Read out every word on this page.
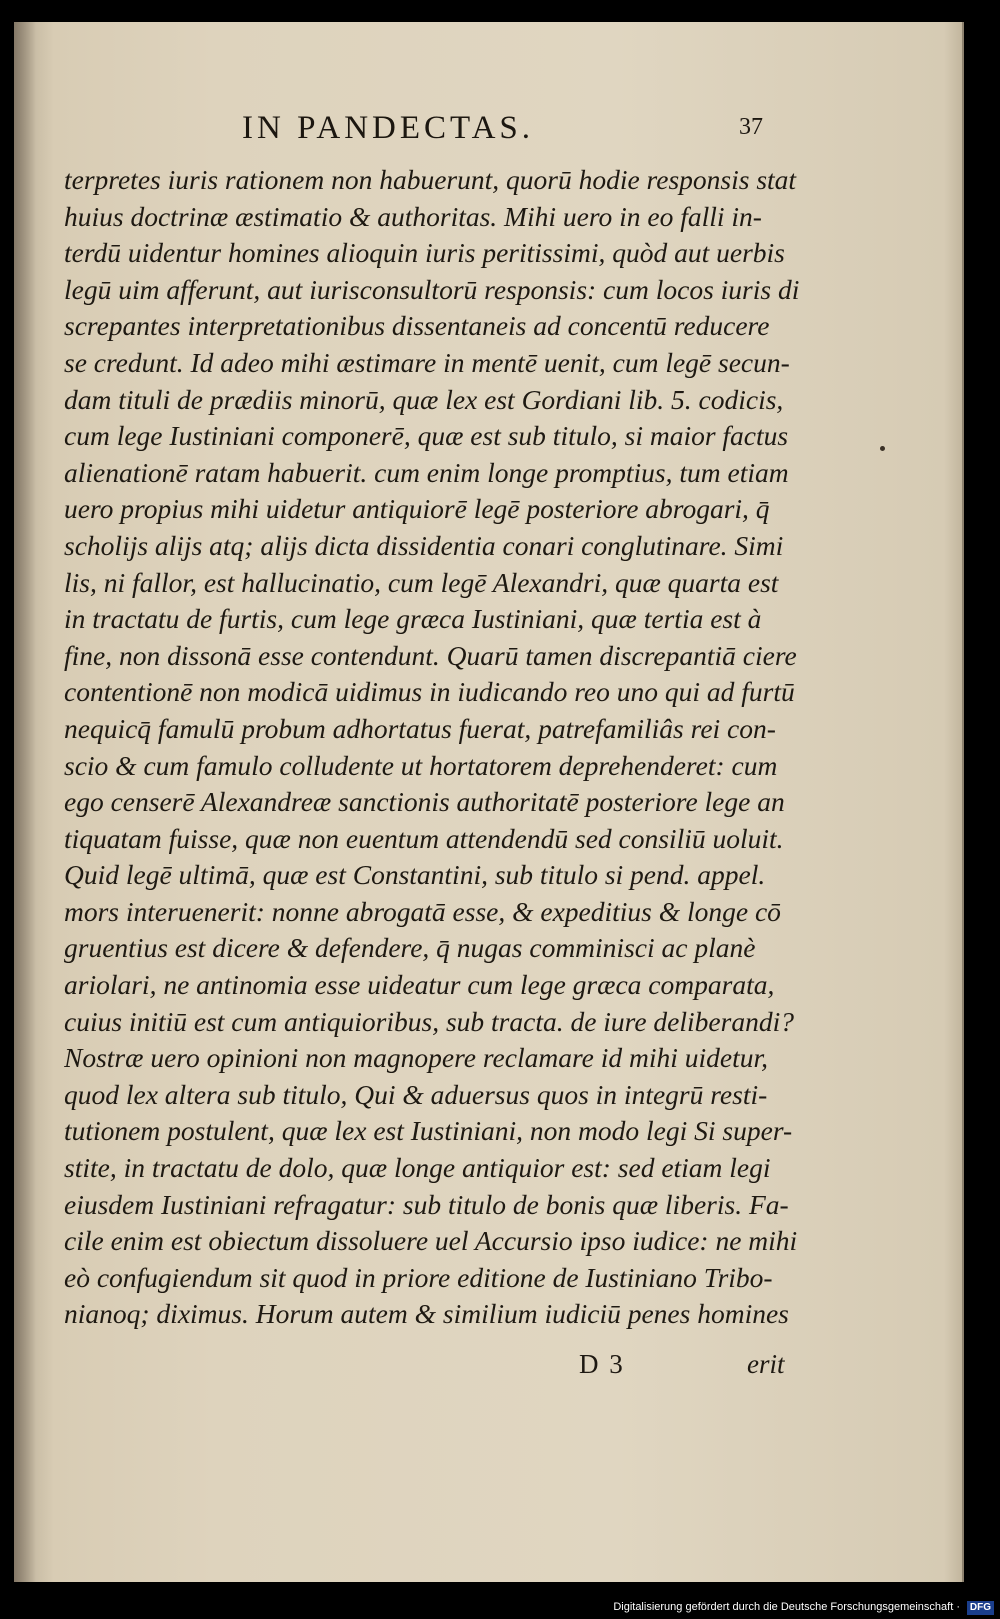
IN PANDECTAS.	37
terpretes iuris rationem non habuerunt, quorū hodie responsis stat
huius doctrinæ æstimatio & authoritas. Mihi uero in eo falli in-
terdū uidentur homines alioquin iuris peritissimi, quòd aut uerbis
legū uim afferunt, aut iurisconsultorū responsis: cum locos iuris di
screpantes interpretationibus dissentaneis ad concentū reducere
se credunt. Id adeo mihi æstimare in mentē uenit, cum legē secun-
dam tituli de prædiis minorū, quæ lex est Gordiani lib. 5. codicis,
cum lege Iustiniani componerē, quæ est sub titulo, si maior factus
alienationē ratam habuerit. cum enim longe promptius, tum etiam
uero propius mihi uidetur antiquiorē legē posteriore abrogari, q̄
scholijs alijs atq; alijs dicta dissidentia conari conglutinare. Simi
lis, ni fallor, est hallucinatio, cum legē Alexandri, quæ quarta est
in tractatu de furtis, cum lege græca Iustiniani, quæ tertia est à
fine, non dissonā esse contendunt. Quarū tamen discrepantiā ciere
contentionē non modicā uidimus in iudicando reo uno qui ad furtū
nequicq̄ famulū probum adhortatus fuerat, patrefamiliâs rei con-
scio & cum famulo colludente ut hortatorem deprehenderet: cum
ego censerē Alexandreæ sanctionis authoritatē posteriore lege an
tiquatam fuisse, quæ non euentum attendendū sed consiliū uoluit.
Quid legē ultimā, quæ est Constantini, sub titulo si pend. appel.
mors interuenerit: nonne abrogatā esse, & expeditius & longe cō
gruentius est dicere & defendere, q̄ nugas comminisci ac planè
ariolari, ne antinomia esse uideatur cum lege græca comparata,
cuius initiū est cum antiquioribus, sub tracta. de iure deliberandi?
Nostræ uero opinioni non magnopere reclamare id mihi uidetur,
quod lex altera sub titulo, Qui & aduersus quos in integrū resti-
tutionem postulent, quæ lex est Iustiniani, non modo legi Si super-
stite, in tractatu de dolo, quæ longe antiquior est: sed etiam legi
eiusdem Iustiniani refragatur: sub titulo de bonis quæ liberis. Fa-
cile enim est obiectum dissoluere uel Accursio ipso iudice: ne mihi
eò confugiendum sit quod in priore editione de Iustiniano Tribo-
nianoq; diximus. Horum autem & similium iudiciū penes homines
D 3	erit
Digitalisierung gefördert durch die Deutsche Forschungsgemeinschaft · DFG
